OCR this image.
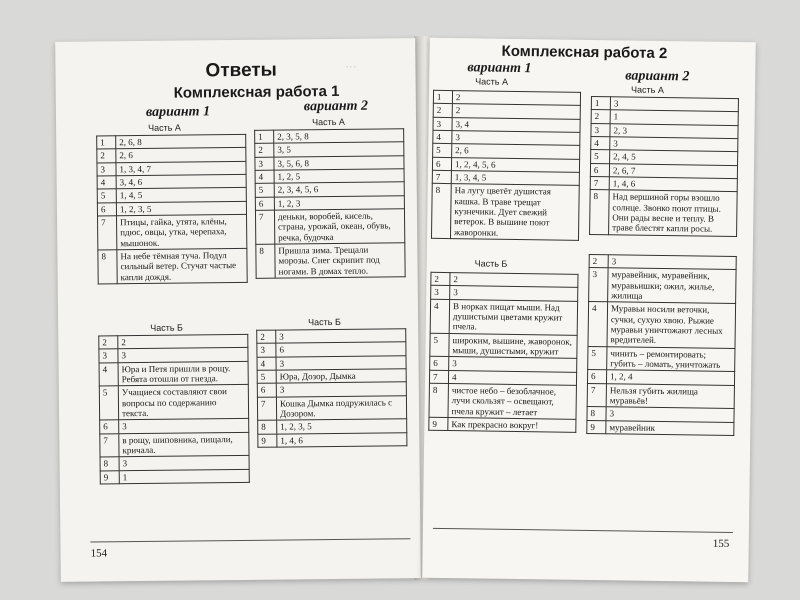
···
Ответы
Комплексная работа 1
вариант 1	вариант 2
Часть А
Часть А
1	2, 6, 8
2	2, 6
3	1, 3, 4, 7
4	3, 4, 6
5	1, 4, 5
6	1, 2, 3, 5
7	Птицы, гайка, утята, клёны, пдюс, овцы, утка, черепаха, мышонок.
8	На небе тёмная туча. Подул сильный ветер. Стучат частые капли дождя.
1	2, 3, 5, 8
2	3, 5
3	3, 5, 6, 8
4	1, 2, 5
5	2, 3, 4, 5, 6
6	1, 2, 3
7	деньки, воробей, кисель, страна, урожай, океан, обувь, речка, будочка
8	Пришла зима. Трещали морозы. Снег скрипит под ногами. В домах тепло.
Часть Б
Часть Б
2	2
3	3
4	Юра и Петя пришли в рощу. Ребята отошли от гнезда.
5	Учащиеся составляют свои вопросы по содержанию текста.
6	3
7	в рощу, шиповника, пищали, кричала.
8	3
9	1
2	3
3	6
4	3
5	Юра, Дозор, Дымка
6	3
7	Кошка Дымка подружилась с Дозором.
8	1, 2, 3, 5
9	1, 4, 6
154
Комплексная работа 2
вариант 1
вариант 2
Часть А
Часть А
1	2
2	2
3	3, 4
4	3
5	2, 6
6	1, 2, 4, 5, 6
7	1, 3, 4, 5
8	На лугу цветёт душистая кашка. В траве трещат кузнечики. Дует свежий ветерок. В вышине поют жаворонки.
1	3
2	1
3	2, 3
4	3
5	2, 4, 5
6	2, 6, 7
7	1, 4, 6
8	Над вершиной горы взошло солнце. Звонко поют птицы. Они рады весне и теплу. В траве блестят капли росы.
Часть Б
2	2
3	3
4	В норках пищат мыши. Над душистыми цветами кружит пчела.
5	широким, вышине, жаворонок, мыши, душистыми, кружит
6	3
7	4
8	чистое небо – безоблачное, лучи скользят – освещают, пчела кружит – летает
9	Как прекрасно вокруг!
2	3
3	муравейник, муравейник, муравьишки; ожил, жилье, жилища
4	Муравьи носили веточки, сучки, сухую хвою. Рыжие муравьи уничтожают лесных вредителей.
5	чинить – ремонтировать; губить – ломать, уничтожать
6	1, 2, 4
7	Нельзя губить жилища муравьёв!
8	3
9	муравейник
155
